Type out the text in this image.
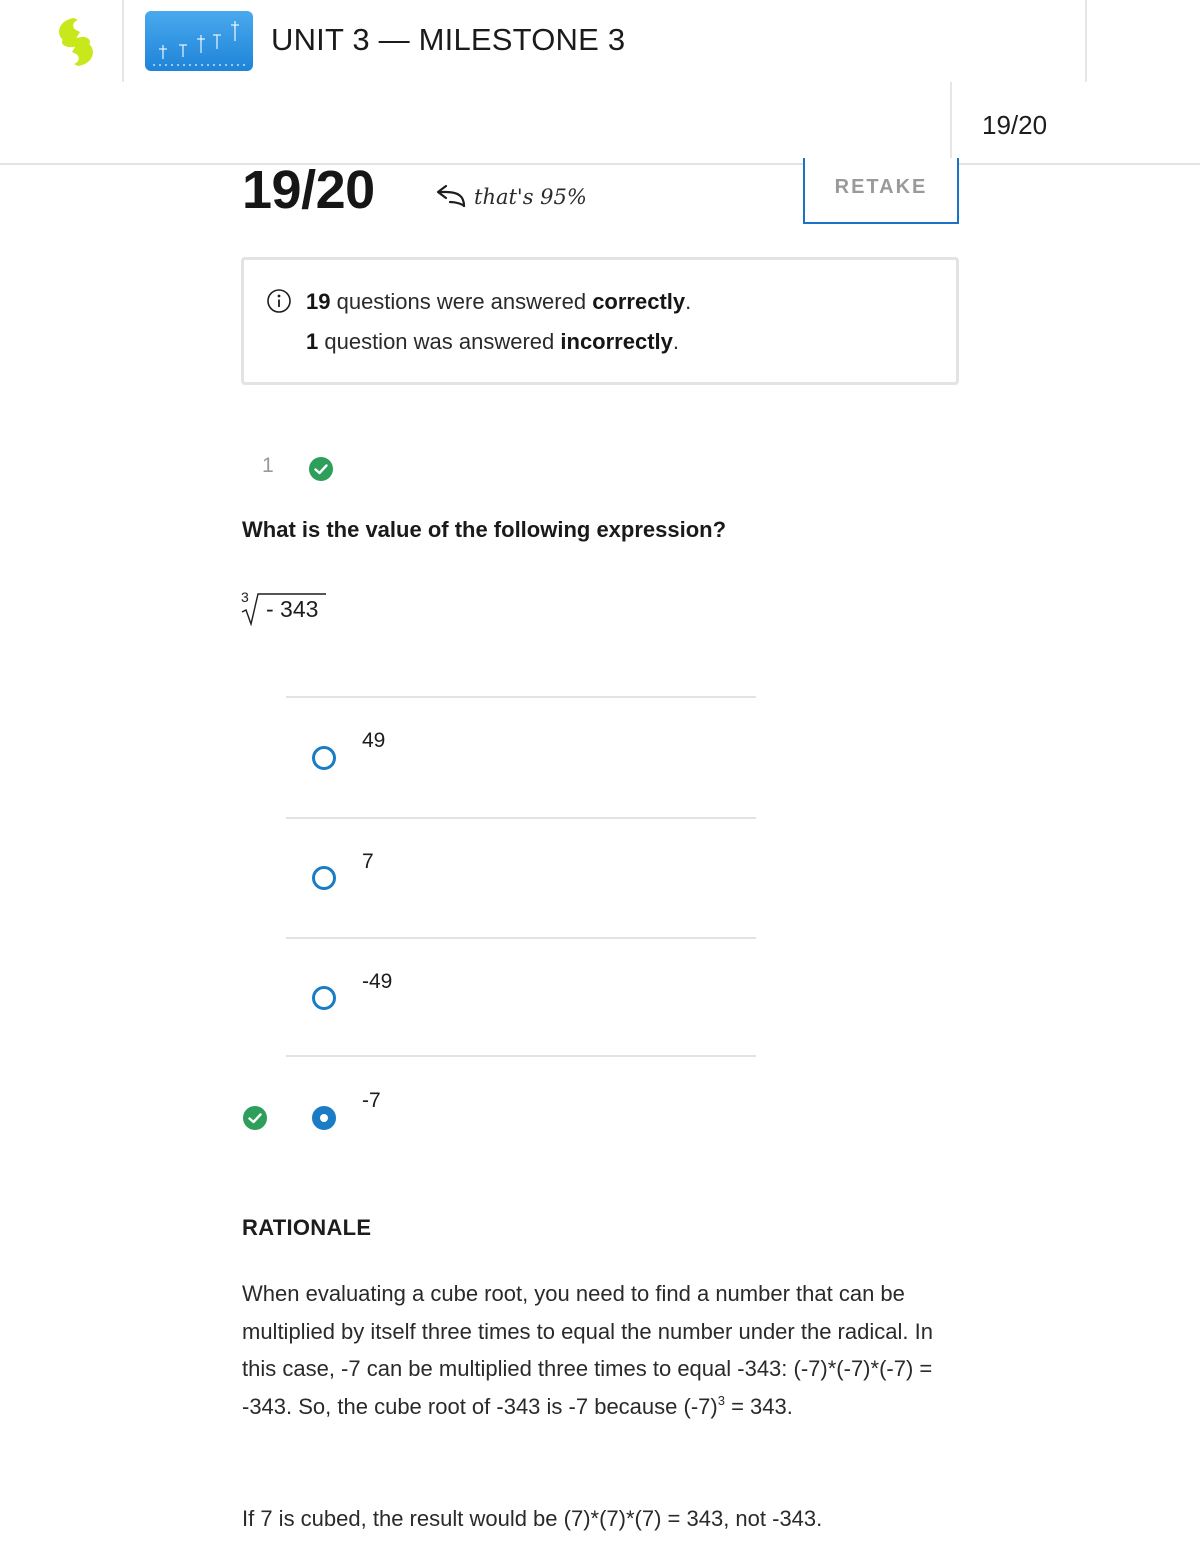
UNIT 3 — MILESTONE 3
19/20
19/20	that's 95%	RETAKE
19 questions were answered correctly.
1 question was answered incorrectly.
1
What is the value of the following expression?
3 - 343
49
7
-49
-7
RATIONALE
When evaluating a cube root, you need to find a number that can be multiplied by itself three times to equal the number under the radical. In this case, -7 can be multiplied three times to equal -343: (-7)*(-7)*(-7) = -343. So, the cube root of -343 is -7 because $(-7)^3 = 343$.
If 7 is cubed, the result would be (7)*(7)*(7) = 343, not -343.
